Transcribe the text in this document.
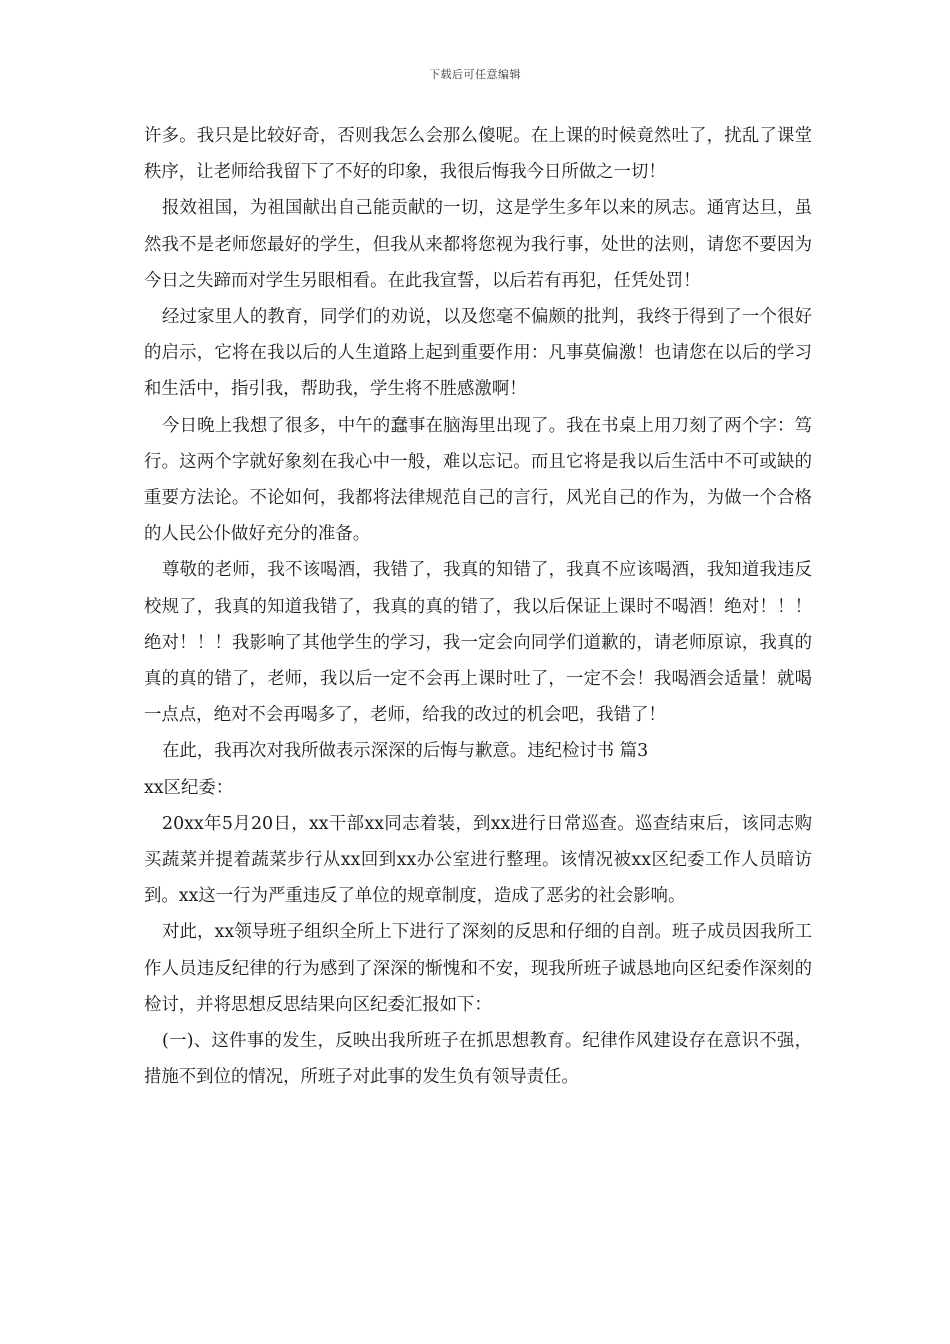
下载后可任意编辑

许多。我只是比较好奇，否则我怎么会那么傻呢。在上课的时候竟然吐了，扰乱了课堂秩序，让老师给我留下了不好的印象，我很后悔我今日所做之一切！

报效祖国，为祖国献出自己能贡献的一切，这是学生多年以来的夙志。通宵达旦，虽然我不是老师您最好的学生，但我从来都将您视为我行事，处世的法则，请您不要因为今日之失蹄而对学生另眼相看。在此我宣誓，以后若有再犯，任凭处罚！

经过家里人的教育，同学们的劝说，以及您毫不偏颇的批判，我终于得到了一个很好的启示，它将在我以后的人生道路上起到重要作用：凡事莫偏激！也请您在以后的学习和生活中，指引我，帮助我，学生将不胜感激啊！

今日晚上我想了很多，中午的蠢事在脑海里出现了。我在书桌上用刀刻了两个字：笃行。这两个字就好象刻在我心中一般，难以忘记。而且它将是我以后生活中不可或缺的重要方法论。不论如何，我都将法律规范自己的言行，风光自己的作为，为做一个合格的人民公仆做好充分的准备。

尊敬的老师，我不该喝酒，我错了，我真的知错了，我真不应该喝酒，我知道我违反校规了，我真的知道我错了，我真的真的错了，我以后保证上课时不喝酒！绝对！！！绝对！！！我影响了其他学生的学习，我一定会向同学们道歉的，请老师原谅，我真的真的真的错了，老师，我以后一定不会再上课时吐了，一定不会！我喝酒会适量！就喝一点点，绝对不会再喝多了，老师，给我的改过的机会吧，我错了！

在此，我再次对我所做表示深深的后悔与歉意。违纪检讨书 篇3

xx区纪委：

20xx年5月20日，xx干部xx同志着装，到xx进行日常巡查。巡查结束后，该同志购买蔬菜并提着蔬菜步行从xx回到xx办公室进行整理。该情况被xx区纪委工作人员暗访到。xx这一行为严重违反了单位的规章制度，造成了恶劣的社会影响。

对此，xx领导班子组织全所上下进行了深刻的反思和仔细的自剖。班子成员因我所工作人员违反纪律的行为感到了深深的惭愧和不安，现我所班子诚恳地向区纪委作深刻的检讨，并将思想反思结果向区纪委汇报如下：

(一)、这件事的发生，反映出我所班子在抓思想教育。纪律作风建设存在意识不强，措施不到位的情况，所班子对此事的发生负有领导责任。
